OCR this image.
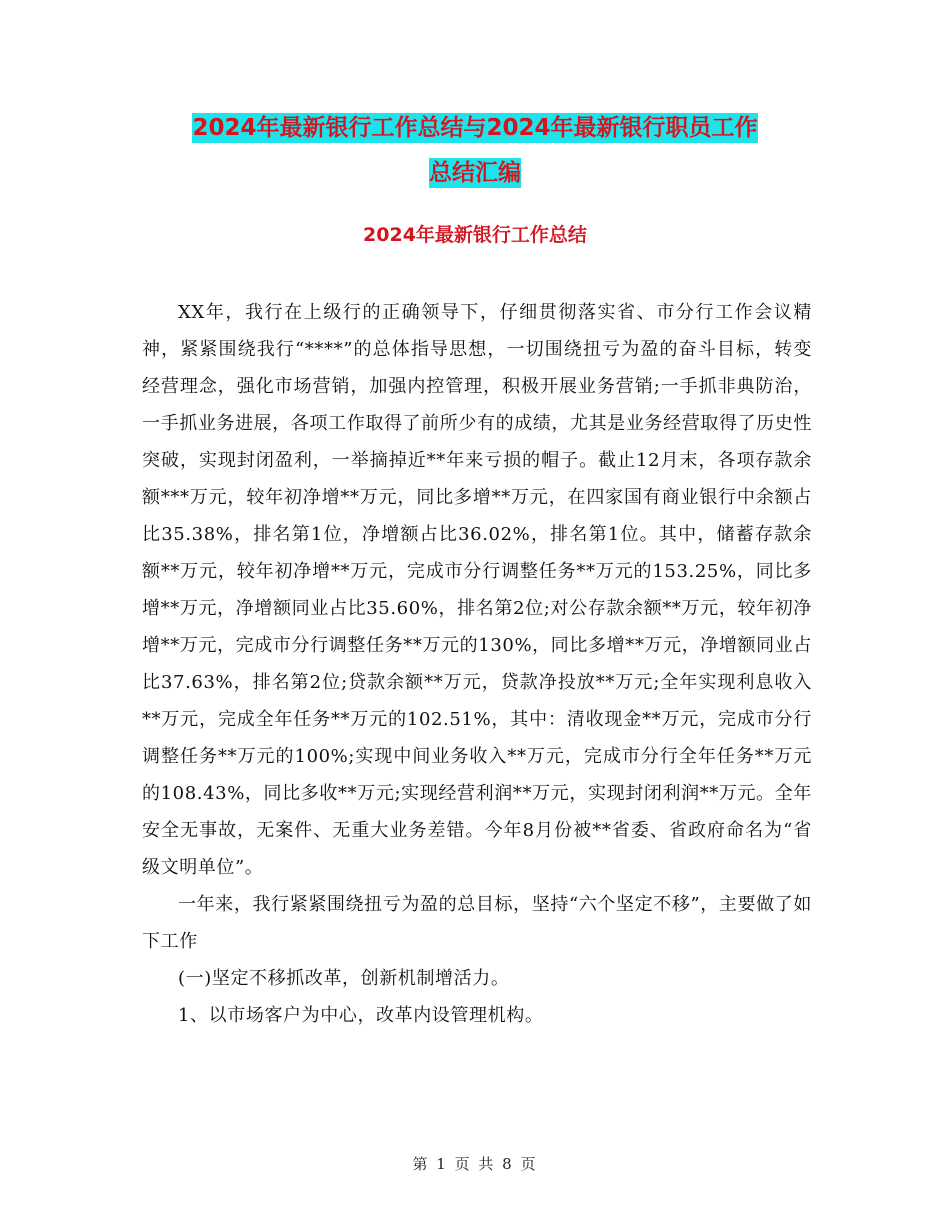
2024年最新银行工作总结与2024年最新银行职员工作
总结汇编
2024年最新银行工作总结

XX年，我行在上级行的正确领导下，仔细贯彻落实省、市分行工作会议精神，紧紧围绕我行“****”的总体指导思想，一切围绕扭亏为盈的奋斗目标，转变经营理念，强化市场营销，加强内控管理，积极开展业务营销;一手抓非典防治，一手抓业务进展，各项工作取得了前所少有的成绩，尤其是业务经营取得了历史性突破，实现封闭盈利，一举摘掉近**年来亏损的帽子。截止12月末，各项存款余额***万元，较年初净增**万元，同比多增**万元，在四家国有商业银行中余额占比35.38%，排名第1位，净增额占比36.02%，排名第1位。其中，储蓄存款余额**万元，较年初净增**万元，完成市分行调整任务**万元的153.25%，同比多增**万元，净增额同业占比35.60%，排名第2位;对公存款余额**万元，较年初净增**万元，完成市分行调整任务**万元的130%，同比多增**万元，净增额同业占比37.63%，排名第2位;贷款余额**万元，贷款净投放**万元;全年实现利息收入**万元，完成全年任务**万元的102.51%，其中：清收现金**万元，完成市分行调整任务**万元的100%;实现中间业务收入**万元，完成市分行全年任务**万元的108.43%，同比多收**万元;实现经营利润**万元，实现封闭利润**万元。全年安全无事故，无案件、无重大业务差错。今年8月份被**省委、省政府命名为“省级文明单位”。

一年来，我行紧紧围绕扭亏为盈的总目标，坚持“六个坚定不移”，主要做了如下工作

(一)坚定不移抓改革，创新机制增活力。

1、以市场客户为中心，改革内设管理机构。

第 1 页 共 8 页
